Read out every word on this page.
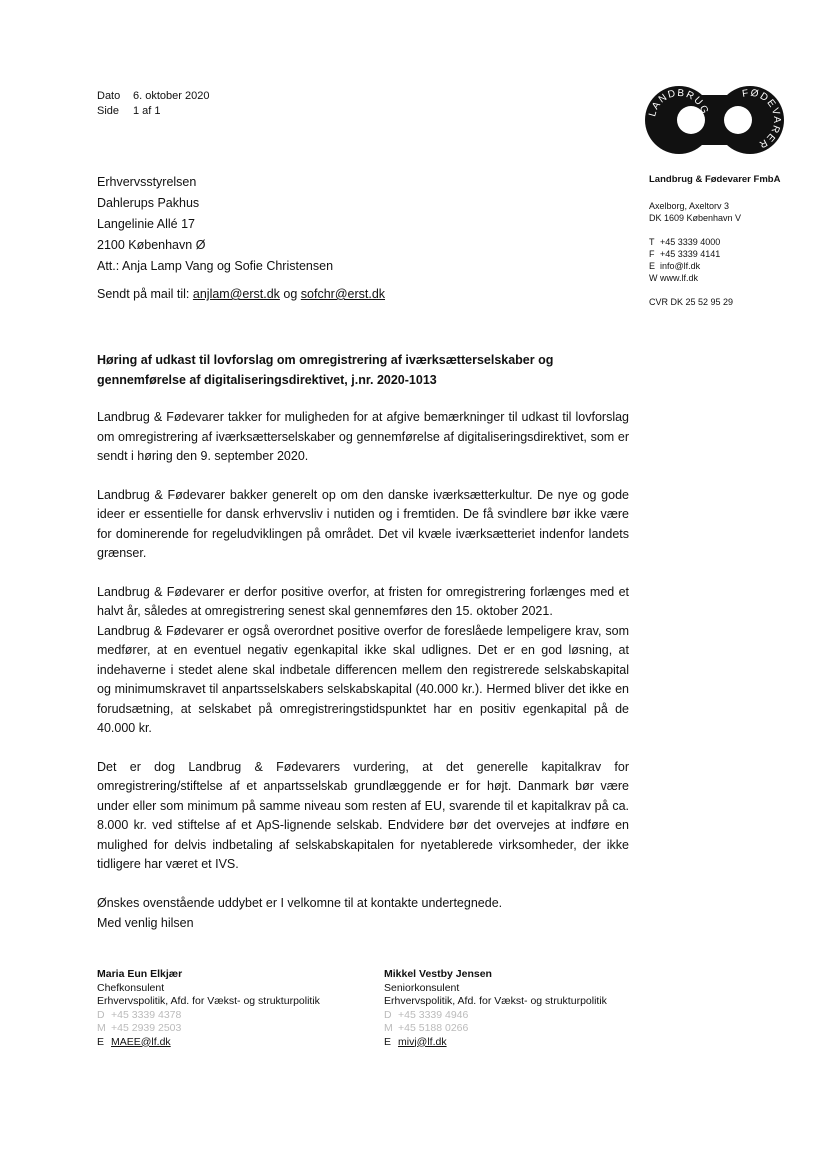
Dato 6. oktober 2020
Side 1 af 1	LANDBRUG
FØDEVARER
Landbrug & Fødevarer FmbA
Axelborg, Axeltorv 3
DK 1609 København V
T +45 3339 4000
F +45 3339 4141
E info@lf.dk
W www.lf.dk
CVR DK 25 52 95 29
Erhvervsstyrelsen
Dahlerups Pakhus
Langelinie Allé 17
2100 København Ø
Att.: Anja Lamp Vang og Sofie Christensen
Sendt på mail til: anjlam@erst.dk og sofchr@erst.dk
Høring af udkast til lovforslag om omregistrering af iværksætterselskaber og gennemførelse af digitaliseringsdirektivet, j.nr. 2020-1013

Landbrug & Fødevarer takker for muligheden for at afgive bemærkninger til udkast til lovforslag om omregistrering af iværksætterselskaber og gennemførelse af digitaliseringsdirektivet, som er sendt i høring den 9. september 2020.

Landbrug & Fødevarer bakker generelt op om den danske iværksætterkultur. De nye og gode ideer er essentielle for dansk erhvervsliv i nutiden og i fremtiden. De få svindlere bør ikke være for dominerende for regeludviklingen på området. Det vil kvæle iværksætteriet indenfor landets grænser.

Landbrug & Fødevarer er derfor positive overfor, at fristen for omregistrering forlænges med et halvt år, således at omregistrering senest skal gennemføres den 15. oktober 2021.

Landbrug & Fødevarer er også overordnet positive overfor de foreslåede lempeligere krav, som medfører, at en eventuel negativ egenkapital ikke skal udlignes. Det er en god løsning, at indehaverne i stedet alene skal indbetale differencen mellem den registrerede selskabskapital og minimumskravet til anpartsselskabers selskabskapital (40.000 kr.). Hermed bliver det ikke en forudsætning, at selskabet på omregistreringstidspunktet har en positiv egenkapital på de 40.000 kr.

Det er dog Landbrug & Fødevarers vurdering, at det generelle kapitalkrav for omregistrering/stiftelse af et anpartsselskab grundlæggende er for højt. Danmark bør være under eller som minimum på samme niveau som resten af EU, svarende til et kapitalkrav på ca. 8.000 kr. ved stiftelse af et ApS-lignende selskab. Endvidere bør det overvejes at indføre en mulighed for delvis indbetaling af selskabskapitalen for nyetablerede virksomheder, der ikke tidligere har været et IVS.

Ønskes ovenstående uddybet er I velkomne til at kontakte undertegnede.

Med venlig hilsen
Maria Eun Elkjær
Chefkonsulent
Erhvervspolitik, Afd. for Vækst- og strukturpolitik
D +45 3339 4378
M +45 2939 2503
E MAEE@lf.dk
Mikkel Vestby Jensen
Seniorkonsulent
Erhvervspolitik, Afd. for Vækst- og strukturpolitik
D +45 3339 4946
M +45 5188 0266
E mivj@lf.dk
